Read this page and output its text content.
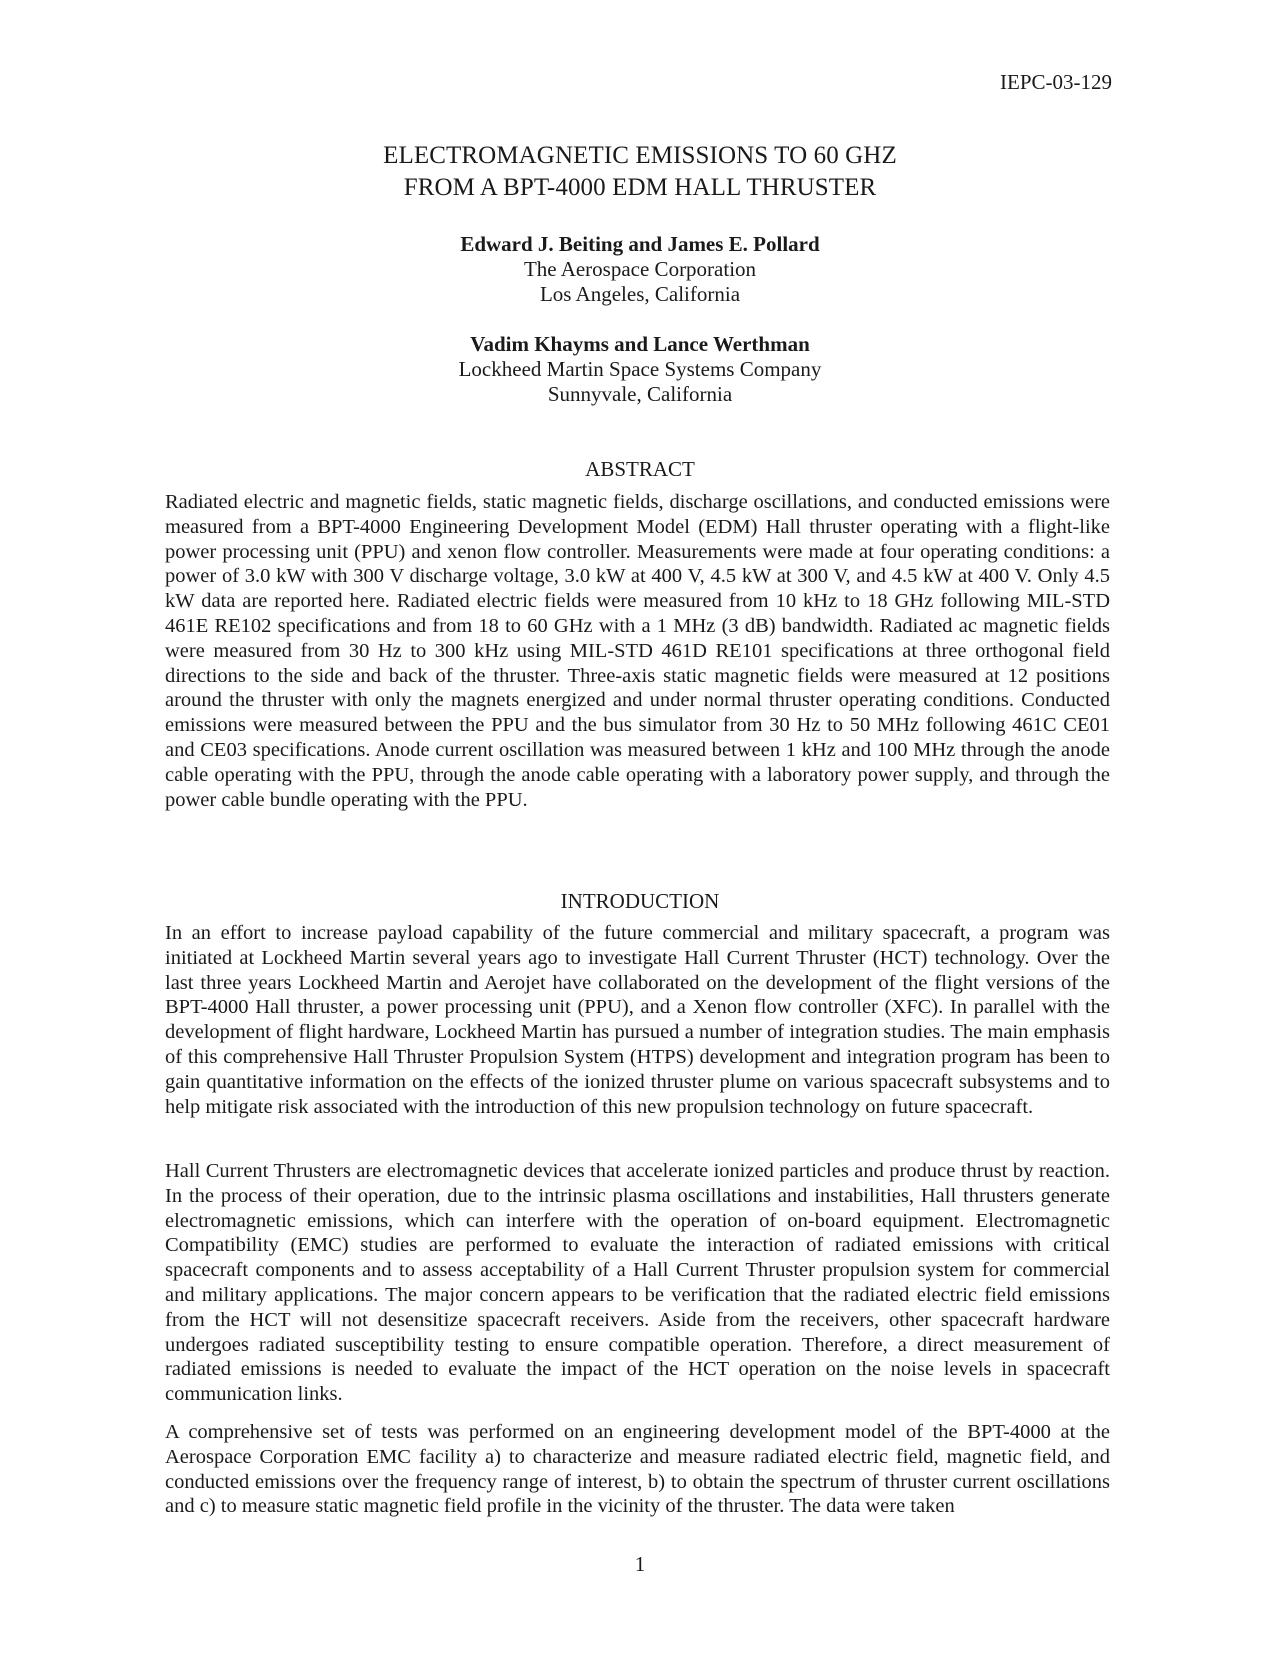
IEPC-03-129
ELECTROMAGNETIC EMISSIONS TO 60 GHZ
FROM A BPT-4000 EDM HALL THRUSTER
Edward J. Beiting and James E. Pollard
The Aerospace Corporation
Los Angeles, California
Vadim Khayms and Lance Werthman
Lockheed Martin Space Systems Company
Sunnyvale, California
ABSTRACT
Radiated electric and magnetic fields, static magnetic fields, discharge oscillations, and conducted emissions were measured from a BPT-4000 Engineering Development Model (EDM) Hall thruster operating with a flight-like power processing unit (PPU) and xenon flow controller. Measurements were made at four operating conditions: a power of 3.0 kW with 300 V discharge voltage, 3.0 kW at 400 V, 4.5 kW at 300 V, and 4.5 kW at 400 V. Only 4.5 kW data are reported here. Radiated electric fields were measured from 10 kHz to 18 GHz following MIL-STD 461E RE102 specifications and from 18 to 60 GHz with a 1 MHz (3 dB) bandwidth. Radiated ac magnetic fields were measured from 30 Hz to 300 kHz using MIL-STD 461D RE101 specifications at three orthogonal field directions to the side and back of the thruster. Three-axis static magnetic fields were measured at 12 positions around the thruster with only the magnets energized and under normal thruster operating conditions. Conducted emissions were measured between the PPU and the bus simulator from 30 Hz to 50 MHz following 461C CE01 and CE03 specifications. Anode current oscillation was measured between 1 kHz and 100 MHz through the anode cable operating with the PPU, through the anode cable operating with a laboratory power supply, and through the power cable bundle operating with the PPU.
INTRODUCTION
In an effort to increase payload capability of the future commercial and military spacecraft, a program was initiated at Lockheed Martin several years ago to investigate Hall Current Thruster (HCT) technology. Over the last three years Lockheed Martin and Aerojet have collaborated on the development of the flight versions of the BPT-4000 Hall thruster, a power processing unit (PPU), and a Xenon flow controller (XFC). In parallel with the development of flight hardware, Lockheed Martin has pursued a number of integration studies. The main emphasis of this comprehensive Hall Thruster Propulsion System (HTPS) development and integration program has been to gain quantitative information on the effects of the ionized thruster plume on various spacecraft subsystems and to help mitigate risk associated with the introduction of this new propulsion technology on future spacecraft.
Hall Current Thrusters are electromagnetic devices that accelerate ionized particles and produce thrust by reaction. In the process of their operation, due to the intrinsic plasma oscillations and instabilities, Hall thrusters generate electromagnetic emissions, which can interfere with the operation of on-board equipment. Electromagnetic Compatibility (EMC) studies are performed to evaluate the interaction of radiated emissions with critical spacecraft components and to assess acceptability of a Hall Current Thruster propulsion system for commercial and military applications. The major concern appears to be verification that the radiated electric field emissions from the HCT will not desensitize spacecraft receivers. Aside from the receivers, other spacecraft hardware undergoes radiated susceptibility testing to ensure compatible operation. Therefore, a direct measurement of radiated emissions is needed to evaluate the impact of the HCT operation on the noise levels in spacecraft communication links.
A comprehensive set of tests was performed on an engineering development model of the BPT-4000 at the Aerospace Corporation EMC facility a) to characterize and measure radiated electric field, magnetic field, and conducted emissions over the frequency range of interest, b) to obtain the spectrum of thruster current oscillations and c) to measure static magnetic field profile in the vicinity of the thruster. The data were taken
1
